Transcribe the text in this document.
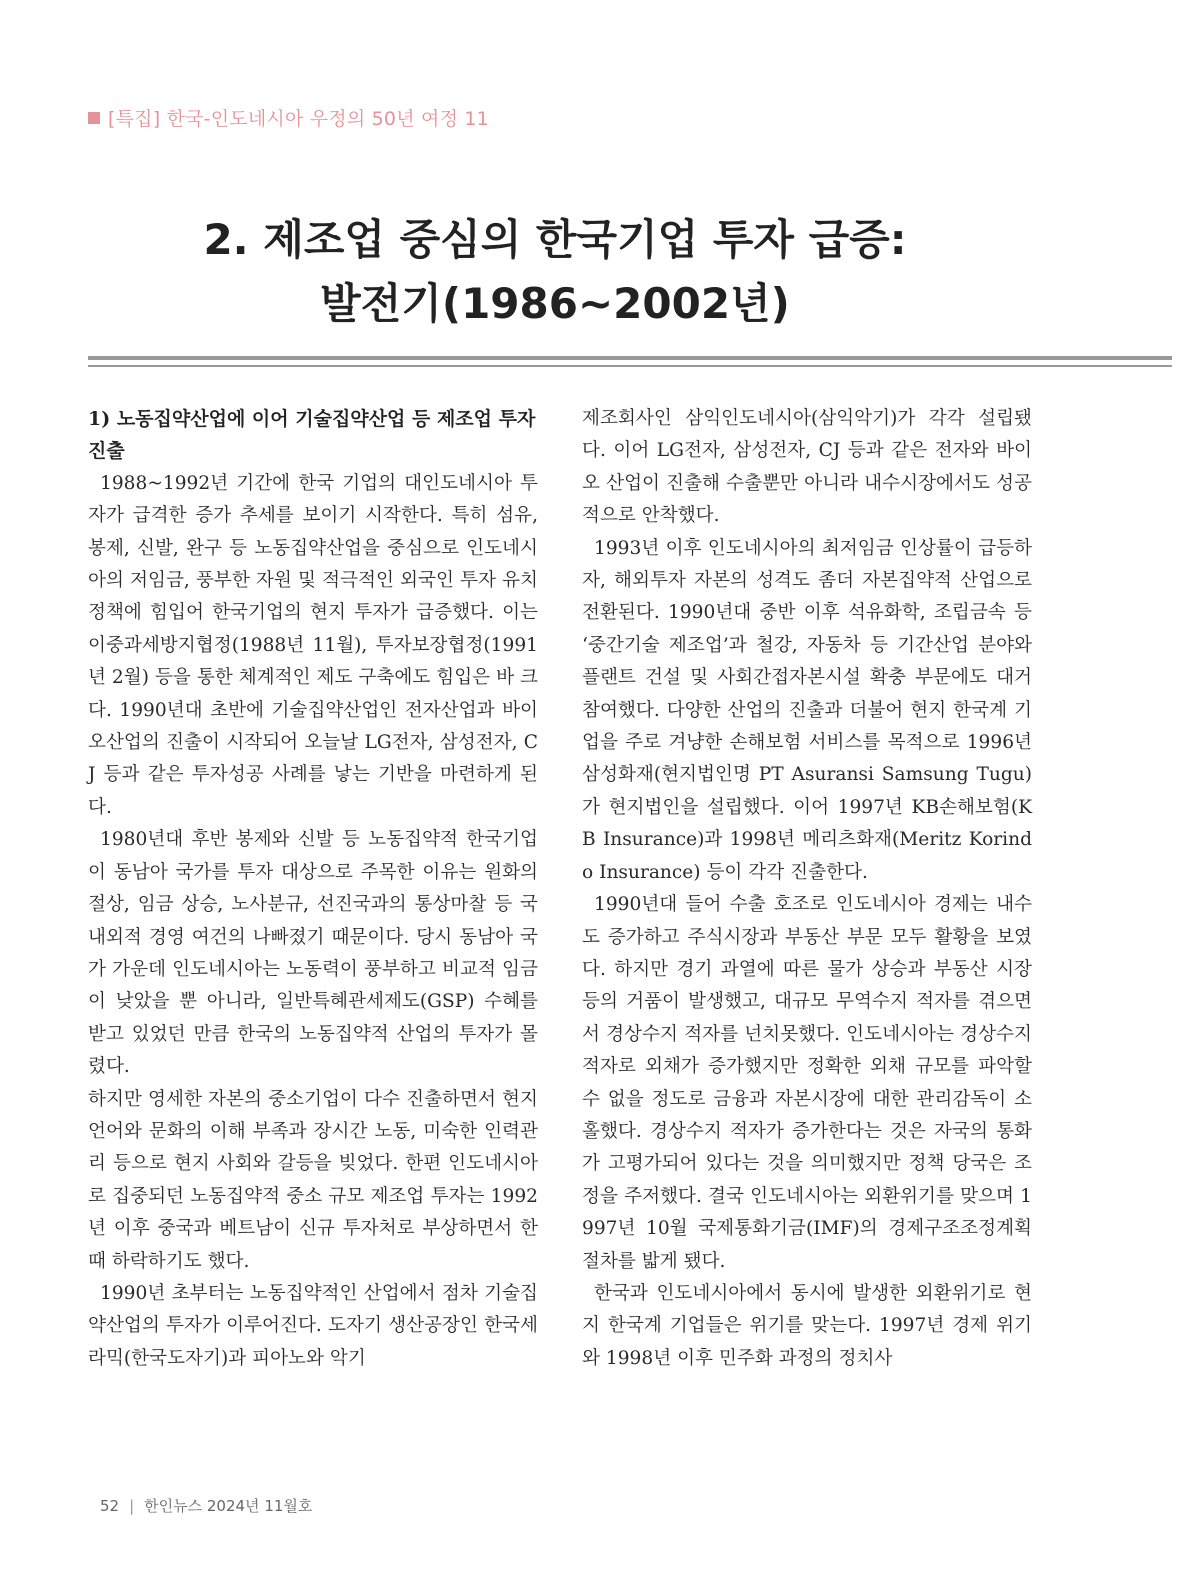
[특집] 한국-인도네시아 우정의 50년 여정 11
2. 제조업 중심의 한국기업 투자 급증:
발전기(1986~2002년)
1) 노동집약산업에 이어 기술집약산업 등 제조업 투자 진출

1988~1992년 기간에 한국 기업의 대인도네시아 투자가 급격한 증가 추세를 보이기 시작한다. 특히 섬유, 봉제, 신발, 완구 등 노동집약산업을 중심으로 인도네시아의 저임금, 풍부한 자원 및 적극적인 외국인 투자 유치 정책에 힘입어 한국기업의 현지 투자가 급증했다. 이는 이중과세방지협정(1988년 11월), 투자보장협정(1991년 2월) 등을 통한 체계적인 제도 구축에도 힘입은 바 크다. 1990년대 초반에 기술집약산업인 전자산업과 바이오산업의 진출이 시작되어 오늘날 LG전자, 삼성전자, CJ 등과 같은 투자성공 사례를 낳는 기반을 마련하게 된다.

1980년대 후반 봉제와 신발 등 노동집약적 한국기업이 동남아 국가를 투자 대상으로 주목한 이유는 원화의 절상, 임금 상승, 노사분규, 선진국과의 통상마찰 등 국내외적 경영 여건의 나빠졌기 때문이다. 당시 동남아 국가 가운데 인도네시아는 노동력이 풍부하고 비교적 임금이 낮았을 뿐 아니라, 일반특혜관세제도(GSP) 수혜를 받고 있었던 만큼 한국의 노동집약적 산업의 투자가 몰렸다.

하지만 영세한 자본의 중소기업이 다수 진출하면서 현지 언어와 문화의 이해 부족과 장시간 노동, 미숙한 인력관리 등으로 현지 사회와 갈등을 빚었다. 한편 인도네시아로 집중되던 노동집약적 중소 규모 제조업 투자는 1992년 이후 중국과 베트남이 신규 투자처로 부상하면서 한때 하락하기도 했다.

1990년 초부터는 노동집약적인 산업에서 점차 기술집약산업의 투자가 이루어진다. 도자기 생산공장인 한국세라믹(한국도자기)과 피아노와 악기

제조회사인 삼익인도네시아(삼익악기)가 각각 설립됐다. 이어 LG전자, 삼성전자, CJ 등과 같은 전자와 바이오 산업이 진출해 수출뿐만 아니라 내수시장에서도 성공적으로 안착했다.

1993년 이후 인도네시아의 최저임금 인상률이 급등하자, 해외투자 자본의 성격도 좀더 자본집약적 산업으로 전환된다. 1990년대 중반 이후 석유화학, 조립금속 등 ‘중간기술 제조업’과 철강, 자동차 등 기간산업 분야와 플랜트 건설 및 사회간접자본시설 확충 부문에도 대거 참여했다. 다양한 산업의 진출과 더불어 현지 한국계 기업을 주로 겨냥한 손해보험 서비스를 목적으로 1996년 삼성화재(현지법인명 PT Asuransi Samsung Tugu)가 현지법인을 설립했다. 이어 1997년 KB손해보험(KB Insurance)과 1998년 메리츠화재(Meritz Korindo Insurance) 등이 각각 진출한다.

1990년대 들어 수출 호조로 인도네시아 경제는 내수도 증가하고 주식시장과 부동산 부문 모두 활황을 보였다. 하지만 경기 과열에 따른 물가 상승과 부동산 시장 등의 거품이 발생했고, 대규모 무역수지 적자를 겪으면서 경상수지 적자를 넌치못했다. 인도네시아는 경상수지 적자로 외채가 증가했지만 정확한 외채 규모를 파악할 수 없을 정도로 금융과 자본시장에 대한 관리감독이 소홀했다. 경상수지 적자가 증가한다는 것은 자국의 통화가 고평가되어 있다는 것을 의미했지만 정책 당국은 조정을 주저했다. 결국 인도네시아는 외환위기를 맞으며 1997년 10월 국제통화기금(IMF)의 경제구조조정계획 절차를 밟게 됐다.

한국과 인도네시아에서 동시에 발생한 외환위기로 현지 한국계 기업들은 위기를 맞는다. 1997년 경제 위기와 1998년 이후 민주화 과정의 정치사

52 | 한인뉴스 2024년 11월호
